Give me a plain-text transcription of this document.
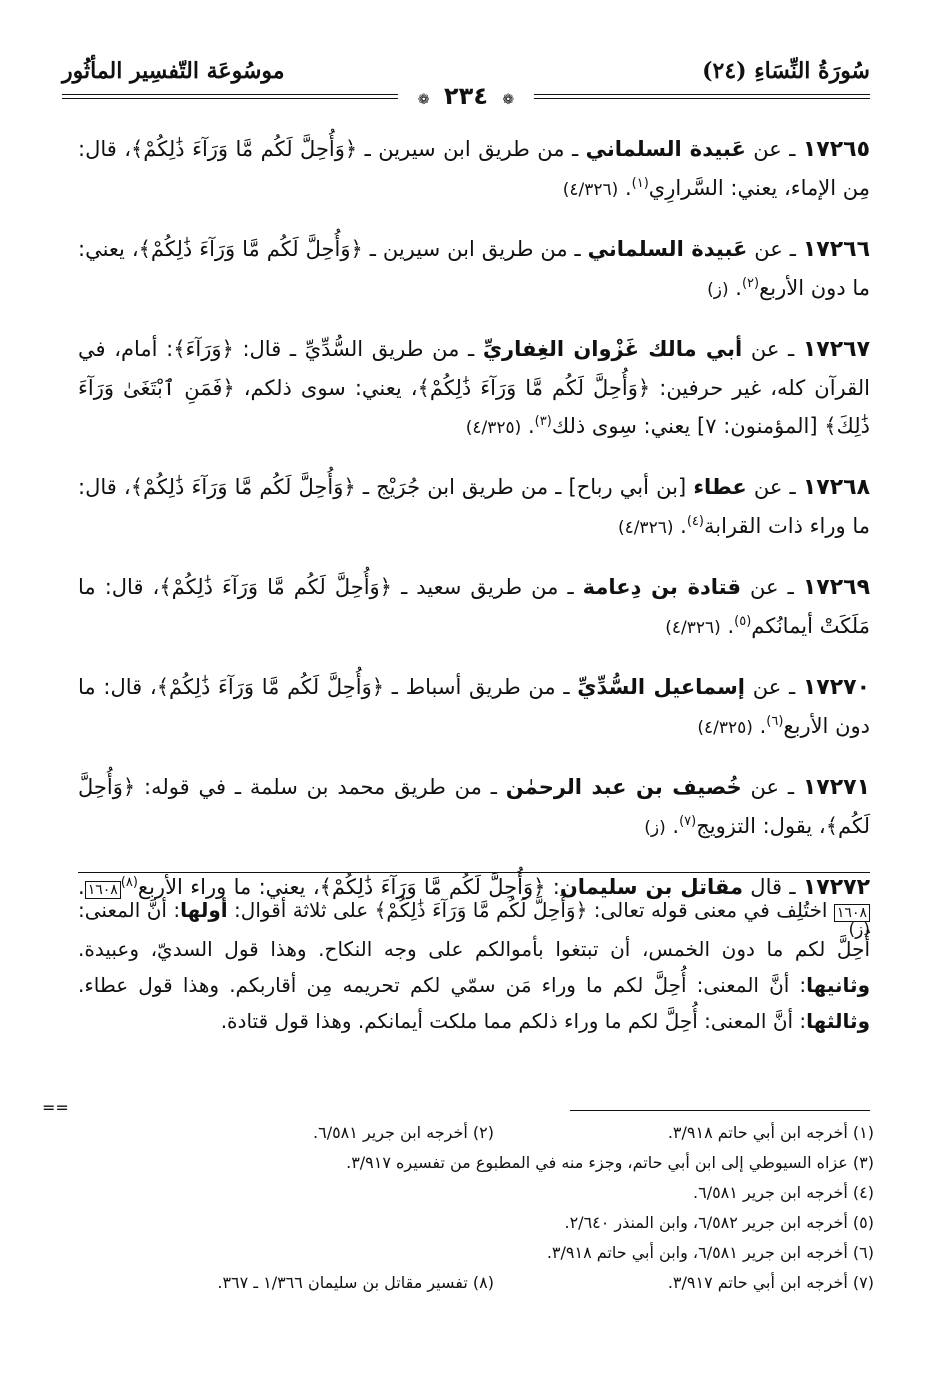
سُورَةُ النِّسَاءِ (٢٤)
موسُوعَة التّفسِير المأثُور
❁ ٢٣٤ ❁

١٧٢٦٥ ـ عن عَبيدة السلماني ـ من طريق ابن سيرين ـ ﴿وَأُحِلَّ لَكُم مَّا وَرَآءَ ذَٰلِكُمْ﴾، قال: مِن الإماء، يعني: السَّرارِي$^{(١)}$. (٤/٣٢٦)

١٧٢٦٦ ـ عن عَبيدة السلماني ـ من طريق ابن سيرين ـ ﴿وَأُحِلَّ لَكُم مَّا وَرَآءَ ذَٰلِكُمْ﴾، يعني: ما دون الأربع$^{(٢)}$. (ز)

١٧٢٦٧ ـ عن أبي مالك غَزْوان الغِفاريِّ ـ من طريق السُّدِّيِّ ـ قال: ﴿وَرَآءَ﴾: أمام، في القرآن كله، غير حرفين: ﴿وَأُحِلَّ لَكُم مَّا وَرَآءَ ذَٰلِكُمْ﴾، يعني: سوى ذلكم، ﴿فَمَنِ ٱبْتَغَىٰ وَرَآءَ ذَٰلِكَ﴾ [المؤمنون: ٧] يعني: سِوى ذلك$^{(٣)}$. (٤/٣٢٥)

١٧٢٦٨ ـ عن عطاء [بن أبي رباح] ـ من طريق ابن جُرَيْج ـ ﴿وَأُحِلَّ لَكُم مَّا وَرَآءَ ذَٰلِكُمْ﴾، قال: ما وراء ذات القرابة$^{(٤)}$. (٤/٣٢٦)

١٧٢٦٩ ـ عن قتادة بن دِعامة ـ من طريق سعيد ـ ﴿وَأُحِلَّ لَكُم مَّا وَرَآءَ ذَٰلِكُمْ﴾، قال: ما مَلَكَتْ أيمانُكم$^{(٥)}$. (٤/٣٢٦)

١٧٢٧٠ ـ عن إسماعيل السُّدِّيِّ ـ من طريق أسباط ـ ﴿وَأُحِلَّ لَكُم مَّا وَرَآءَ ذَٰلِكُمْ﴾، قال: ما دون الأربع$^{(٦)}$. (٤/٣٢٥)

١٧٢٧١ ـ عن خُصيف بن عبد الرحمٰن ـ من طريق محمد بن سلمة ـ في قوله: ﴿وَأُحِلَّ لَكُم﴾، يقول: التزويج$^{(٧)}$. (ز)

١٧٢٧٢ ـ قال مقاتل بن سليمان: ﴿وَأُحِلَّ لَكُم مَّا وَرَآءَ ذَٰلِكُمْ﴾، يعني: ما وراء الأربع$^{(٨)}$١٦٠٨. (ز)

١٦٠٨ اختُلِف في معنى قوله تعالى: ﴿وَأُحِلَّ لَكُم مَّا وَرَآءَ ذَٰلِكُمْ﴾ على ثلاثة أقوال: أولها: أنَّ المعنى: أُحِلَّ لكم ما دون الخمس، أن تبتغوا بأموالكم على وجه النكاح. وهذا قول السديّ، وعبيدة. وثانيها: أنَّ المعنى: أُحِلَّ لكم ما وراء مَن سمّي لكم تحريمه مِن أقاربكم. وهذا قول عطاء. وثالثها: أنَّ المعنى: أُحِلَّ لكم ما وراء ذلكم مما ملكت أيمانكم. وهذا قول قتادة.
==
(١) أخرجه ابن أبي حاتم ٣/٩١٨.
(٢) أخرجه ابن جرير ٦/٥٨١.
(٣) عزاه السيوطي إلى ابن أبي حاتم، وجزء منه في المطبوع من تفسيره ٣/٩١٧.
(٤) أخرجه ابن جرير ٦/٥٨١.
(٥) أخرجه ابن جرير ٦/٥٨٢، وابن المنذر ٢/٦٤٠.
(٦) أخرجه ابن جرير ٦/٥٨١، وابن أبي حاتم ٣/٩١٨.
(٧) أخرجه ابن أبي حاتم ٣/٩١٧.
(٨) تفسير مقاتل بن سليمان ١/٣٦٦ ـ ٣٦٧.
